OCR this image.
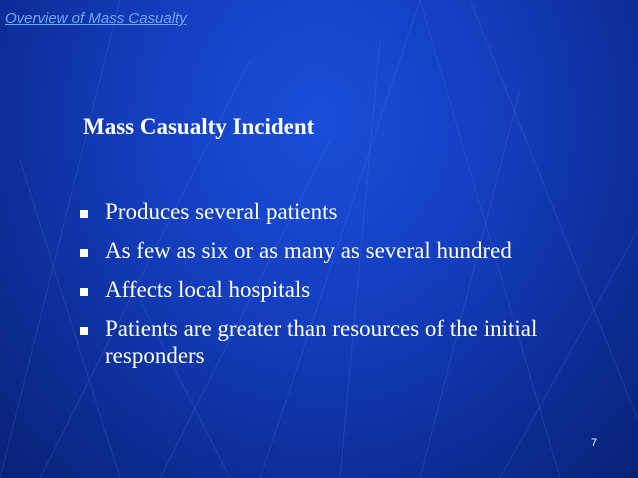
Overview of Mass Casualty
Mass Casualty Incident
Produces several patients
As few as six or as many as several hundred
Affects local hospitals
Patients are greater than resources of the initial responders
7
